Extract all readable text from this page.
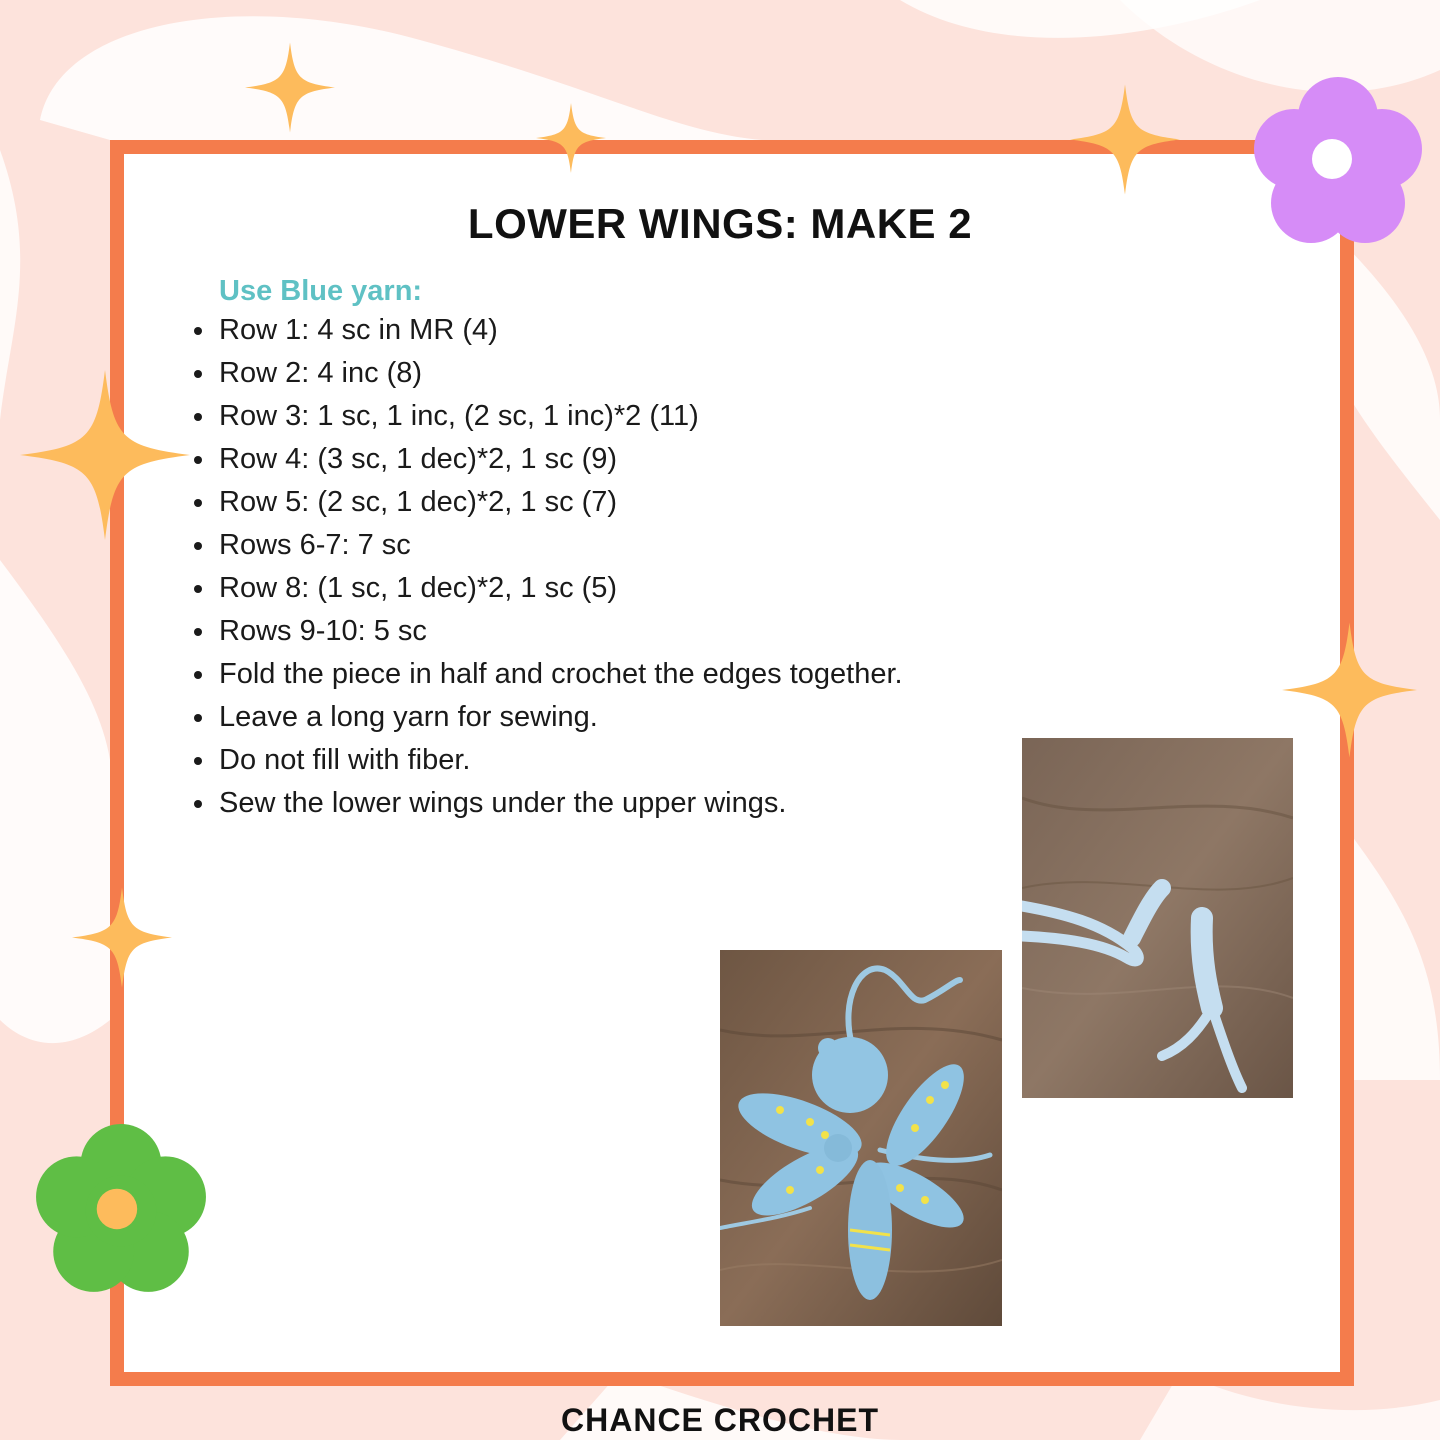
LOWER WINGS: MAKE 2
Use Blue yarn:
Row 1: 4 sc in MR (4)
Row 2: 4 inc (8)
Row 3: 1 sc, 1 inc, (2 sc, 1 inc)*2 (11)
Row 4: (3 sc, 1 dec)*2, 1 sc (9)
Row 5: (2 sc, 1 dec)*2, 1 sc (7)
Rows 6-7: 7 sc
Row 8: (1 sc, 1 dec)*2, 1 sc (5)
Rows 9-10: 5 sc
Fold the piece in half and crochet the edges together.
Leave a long yarn for sewing.
Do not fill with fiber.
Sew the lower wings under the upper wings.
CHANCE CROCHET
